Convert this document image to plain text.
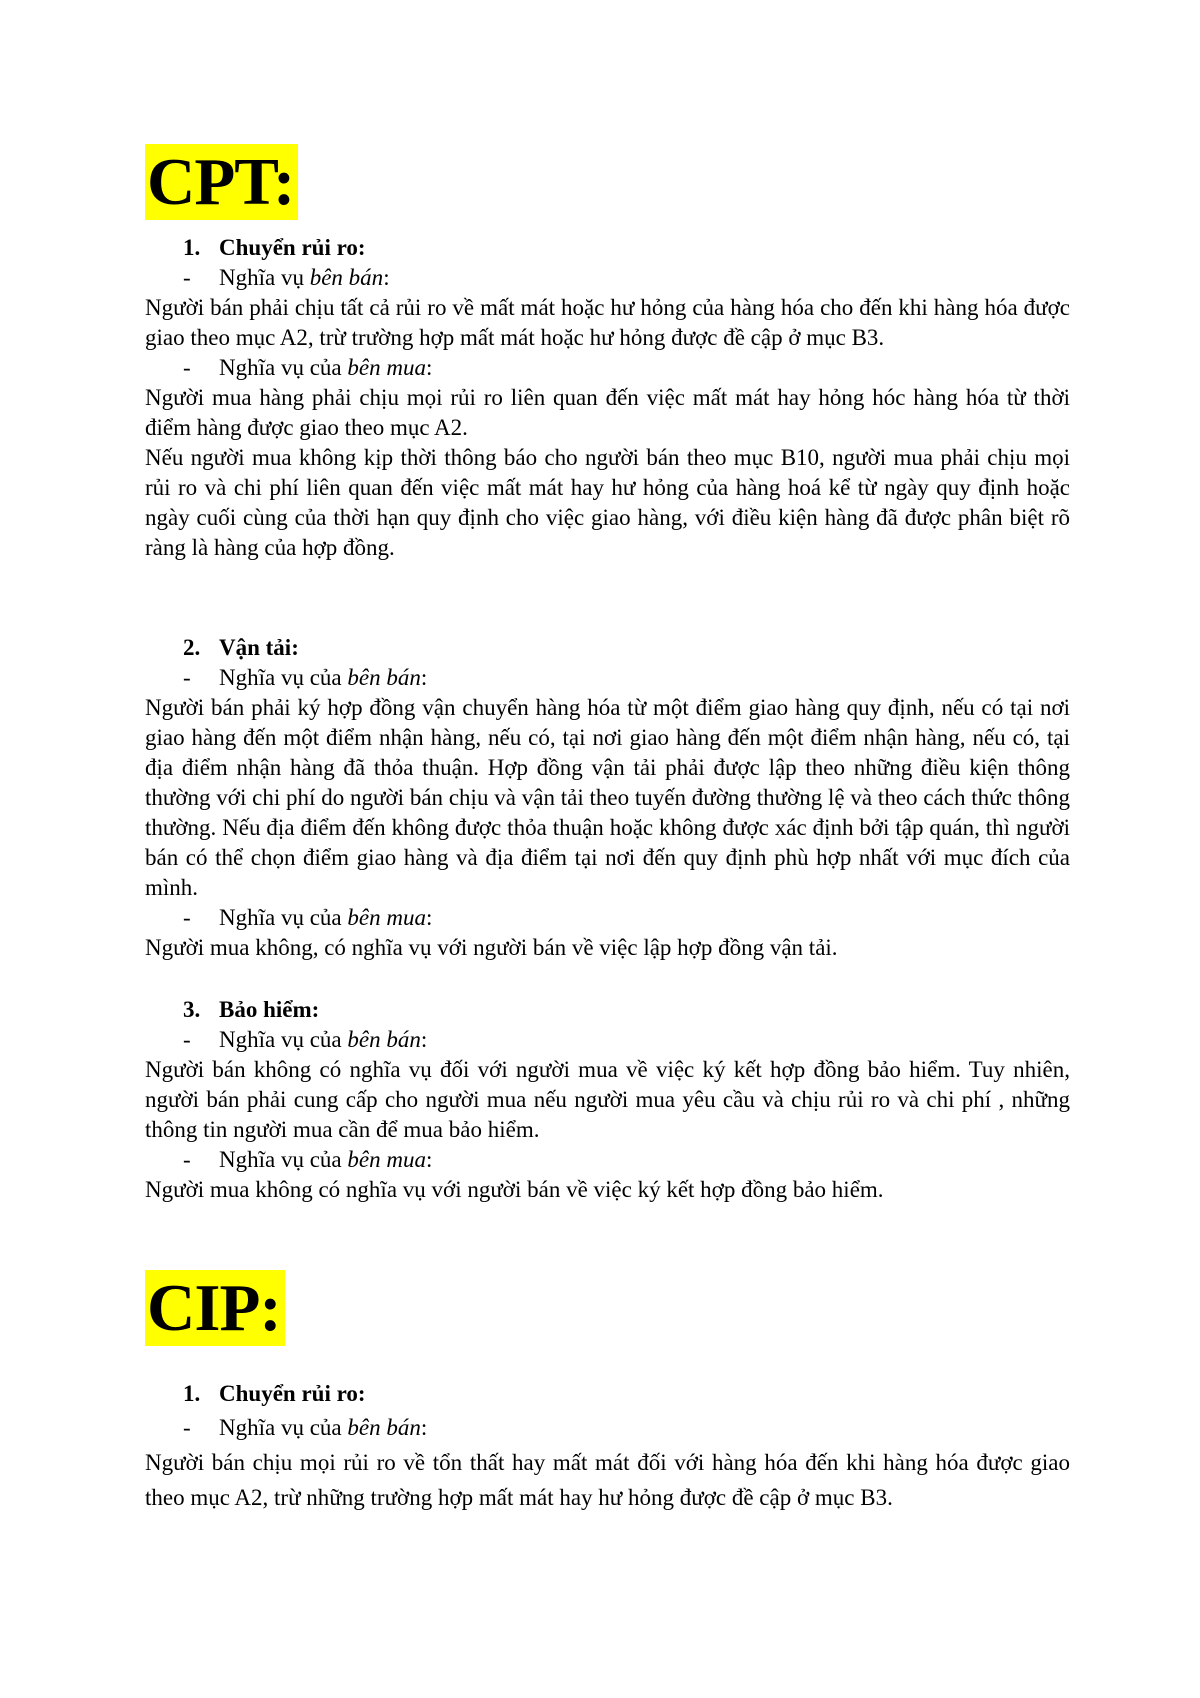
CPT:
1. Chuyển rủi ro:
- Nghĩa vụ bên bán:
Người bán phải chịu tất cả rủi ro về mất mát hoặc hư hỏng của hàng hóa cho đến khi hàng hóa được giao theo mục A2, trừ trường hợp mất mát hoặc hư hỏng được đề cập ở mục B3.
- Nghĩa vụ của bên mua:
Người mua hàng phải chịu mọi rủi ro liên quan đến việc mất mát hay hỏng hóc hàng hóa từ thời điểm hàng được giao theo mục A2.
Nếu người mua không kịp thời thông báo cho người bán theo mục B10, người mua phải chịu mọi rủi ro và chi phí liên quan đến việc mất mát hay hư hỏng của hàng hoá kể từ ngày quy định hoặc ngày cuối cùng của thời hạn quy định cho việc giao hàng, với điều kiện hàng đã được phân biệt rõ ràng là hàng của hợp đồng.
2. Vận tải:
- Nghĩa vụ của bên bán:
Người bán phải ký hợp đồng vận chuyển hàng hóa từ một điểm giao hàng quy định, nếu có tại nơi giao hàng đến một điểm nhận hàng, nếu có, tại nơi giao hàng đến một điểm nhận hàng, nếu có, tại địa điểm nhận hàng đã thỏa thuận. Hợp đồng vận tải phải được lập theo những điều kiện thông thường với chi phí do người bán chịu và vận tải theo tuyến đường thường lệ và theo cách thức thông thường. Nếu địa điểm đến không được thỏa thuận hoặc không được xác định bởi tập quán, thì người bán có thể chọn điểm giao hàng và địa điểm tại nơi đến quy định phù hợp nhất với mục đích của mình.
- Nghĩa vụ của bên mua:
Người mua không, có nghĩa vụ với người bán về việc lập hợp đồng vận tải.
3. Bảo hiểm:
- Nghĩa vụ của bên bán:
Người bán không có nghĩa vụ đối với người mua về việc ký kết hợp đồng bảo hiểm. Tuy nhiên, người bán phải cung cấp cho người mua nếu người mua yêu cầu và chịu rủi ro và chi phí , những thông tin người mua cần để mua bảo hiểm.
- Nghĩa vụ của bên mua:
Người mua không có nghĩa vụ với người bán về việc ký kết hợp đồng bảo hiểm.
CIP:
1. Chuyển rủi ro:
- Nghĩa vụ của bên bán:
Người bán chịu mọi rủi ro về tổn thất hay mất mát đối với hàng hóa đến khi hàng hóa được giao theo mục A2, trừ những trường hợp mất mát hay hư hỏng được đề cập ở mục B3.
